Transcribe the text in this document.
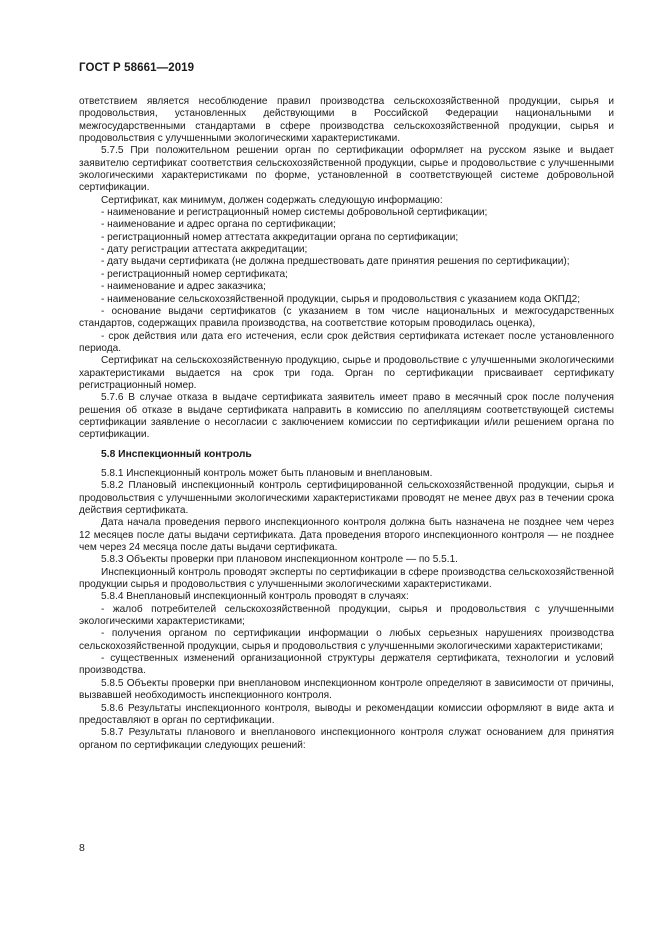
ГОСТ Р 58661—2019

ответствием является несоблюдение правил производства сельскохозяйственной продукции, сырья и продовольствия, установленных действующими в Российской Федерации национальными и межгосударственными стандартами в сфере производства сельскохозяйственной продукции, сырья и продовольствия с улучшенными экологическими характеристиками.

5.7.5 При положительном решении орган по сертификации оформляет на русском языке и выдает заявителю сертификат соответствия сельскохозяйственной продукции, сырье и продовольствие с улучшенными экологическими характеристиками по форме, установленной в соответствующей системе добровольной сертификации.

Сертификат, как минимум, должен содержать следующую информацию:

- наименование и регистрационный номер системы добровольной сертификации;

- наименование и адрес органа по сертификации;

- регистрационный номер аттестата аккредитации органа по сертификации;

- дату регистрации аттестата аккредитации;

- дату выдачи сертификата (не должна предшествовать дате принятия решения по сертификации);

- регистрационный номер сертификата;

- наименование и адрес заказчика;

- наименование сельскохозяйственной продукции, сырья и продовольствия с указанием кода ОКПД2;

- основание выдачи сертификатов (с указанием в том числе национальных и межгосударственных стандартов, содержащих правила производства, на соответствие которым проводилась оценка),

- срок действия или дата его истечения, если срок действия сертификата истекает после установленного периода.

Сертификат на сельскохозяйственную продукцию, сырье и продовольствие с улучшенными экологическими характеристиками выдается на срок три года. Орган по сертификации присваивает сертификату регистрационный номер.

5.7.6 В случае отказа в выдаче сертификата заявитель имеет право в месячный срок после получения решения об отказе в выдаче сертификата направить в комиссию по апелляциям соответствующей системы сертификации заявление о несогласии с заключением комиссии по сертификации и/или решением органа по сертификации.

5.8 Инспекционный контроль

5.8.1 Инспекционный контроль может быть плановым и внеплановым.

5.8.2 Плановый инспекционный контроль сертифицированной сельскохозяйственной продукции, сырья и продовольствия с улучшенными экологическими характеристиками проводят не менее двух раз в течении срока действия сертификата.

Дата начала проведения первого инспекционного контроля должна быть назначена не позднее чем через 12 месяцев после даты выдачи сертификата. Дата проведения второго инспекционного контроля — не позднее чем через 24 месяца после даты выдачи сертификата.

5.8.3 Объекты проверки при плановом инспекционном контроле — по 5.5.1.

Инспекционный контроль проводят эксперты по сертификации в сфере производства сельскохозяйственной продукции сырья и продовольствия с улучшенными экологическими характеристиками.

5.8.4 Внеплановый инспекционный контроль проводят в случаях:

- жалоб потребителей сельскохозяйственной продукции, сырья и продовольствия с улучшенными экологическими характеристиками;

- получения органом по сертификации информации о любых серьезных нарушениях производства сельскохозяйственной продукции, сырья и продовольствия с улучшенными экологическими характеристиками;

- существенных изменений организационной структуры держателя сертификата, технологии и условий производства.

5.8.5 Объекты проверки при внеплановом инспекционном контроле определяют в зависимости от причины, вызвавшей необходимость инспекционного контроля.

5.8.6 Результаты инспекционного контроля, выводы и рекомендации комиссии оформляют в виде акта и предоставляют в орган по сертификации.

5.8.7 Результаты планового и внепланового инспекционного контроля служат основанием для принятия органом по сертификации следующих решений:

8
